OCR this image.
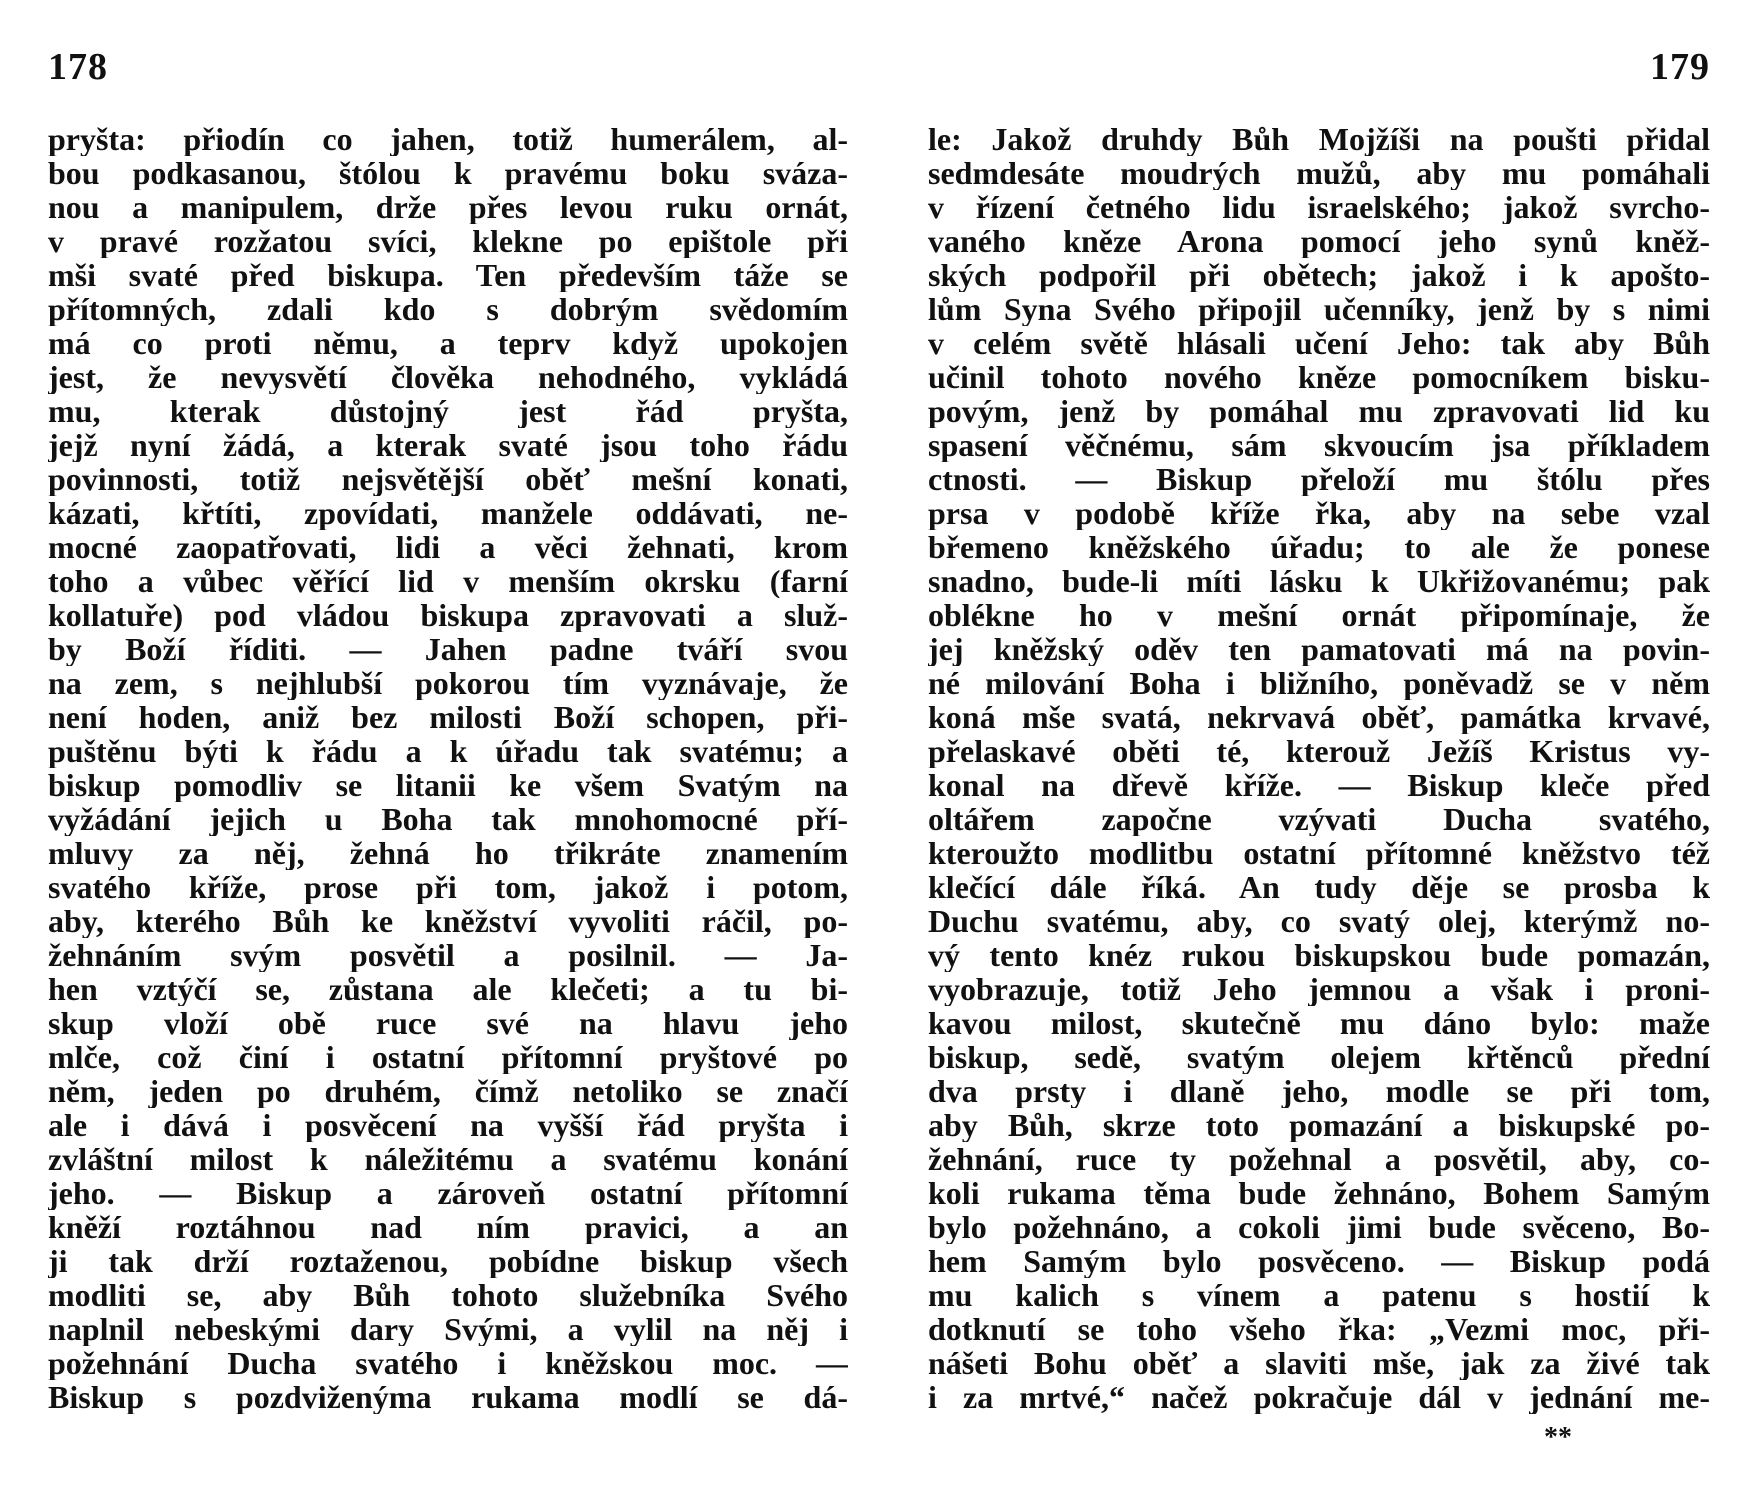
178
pryšta: přiodín co jahen, totiž humerálem, al-
bou podkasanou, štólou k pravému boku sváza-
nou a manipulem, drže přes levou ruku ornát,
v pravé rozžatou svíci, klekne po epištole při
mši svaté před biskupa. Ten především táže se
přítomných, zdali kdo s dobrým svědomím
má co proti němu, a teprv když upokojen
jest, že nevysvětí člověka nehodného, vykládá
mu, kterak důstojný jest řád pryšta,
jejž nyní žádá, a kterak svaté jsou toho řádu
povinnosti, totiž nejsvětější oběť mešní konati,
kázati, křtíti, zpovídati, manžele oddávati, ne-
mocné zaopatřovati, lidi a věci žehnati, krom
toho a vůbec věřící lid v menším okrsku (farní
kollatuře) pod vládou biskupa zpravovati a služ-
by Boží říditi. — Jahen padne tváří svou
na zem, s nejhlubší pokorou tím vyznávaje, že
není hoden, aniž bez milosti Boží schopen, při-
puštěnu býti k řádu a k úřadu tak svatému; a
biskup pomodliv se litanii ke všem Svatým na
vyžádání jejich u Boha tak mnohomocné pří-
mluvy za něj, žehná ho třikráte znamením
svatého kříže, prose při tom, jakož i potom,
aby, kterého Bůh ke kněžství vyvoliti ráčil, po-
žehnáním svým posvětil a posilnil. — Ja-
hen vztýčí se, zůstana ale klečeti; a tu bi-
skup vloží obě ruce své na hlavu jeho
mlče, což činí i ostatní přítomní pryštové po
něm, jeden po druhém, čímž netoliko se značí
ale i dává i posvěcení na vyšší řád pryšta i
zvláštní milost k náležitému a svatému konání
jeho. — Biskup a zároveň ostatní přítomní
kněží roztáhnou nad ním pravici, a an
ji tak drží roztaženou, pobídne biskup všech
modliti se, aby Bůh tohoto služebníka Svého
naplnil nebeskými dary Svými, a vylil na něj i
požehnání Ducha svatého i kněžskou moc. —
Biskup s pozdviženýma rukama modlí se dá-
179
le: Jakož druhdy Bůh Mojžíši na poušti přidal
sedmdesáte moudrých mužů, aby mu pomáhali
v řízení četného lidu israelského; jakož svrcho-
vaného kněze Arona pomocí jeho synů kněž-
ských podpořil při obětech; jakož i k apošto-
lům Syna Svého připojil učenníky, jenž by s nimi
v celém světě hlásali učení Jeho: tak aby Bůh
učinil tohoto nového kněze pomocníkem bisku-
povým, jenž by pomáhal mu zpravovati lid ku
spasení věčnému, sám skvoucím jsa příkladem
ctnosti. — Biskup přeloží mu štólu přes
prsa v podobě kříže řka, aby na sebe vzal
břemeno kněžského úřadu; to ale že ponese
snadno, bude-li míti lásku k Ukřižovanému; pak
oblékne ho v mešní ornát připomínaje, že
jej kněžský oděv ten pamatovati má na povin-
né milování Boha i bližního, poněvadž se v něm
koná mše svatá, nekrvavá oběť, památka krvavé,
přelaskavé oběti té, kterouž Ježíš Kristus vy-
konal na dřevě kříže. — Biskup kleče před
oltářem započne vzývati Ducha svatého,
kteroužto modlitbu ostatní přítomné kněžstvo též
klečící dále říká. An tudy děje se prosba k
Duchu svatému, aby, co svatý olej, kterýmž no-
vý tento knéz rukou biskupskou bude pomazán,
vyobrazuje, totiž Jeho jemnou a však i proni-
kavou milost, skutečně mu dáno bylo: maže
biskup, sedě, svatým olejem křtěnců přední
dva prsty i dlaně jeho, modle se při tom,
aby Bůh, skrze toto pomazání a biskupské po-
žehnání, ruce ty požehnal a posvětil, aby, co-
koli rukama těma bude žehnáno, Bohem Samým
bylo požehnáno, a cokoli jimi bude svěceno, Bo-
hem Samým bylo posvěceno. — Biskup podá
mu kalich s vínem a patenu s hostií k
dotknutí se toho všeho řka: „Vezmi moc, při-
nášeti Bohu oběť a slaviti mše, jak za živé tak
i za mrtvé,“ načež pokračuje dál v jednání me-
**
